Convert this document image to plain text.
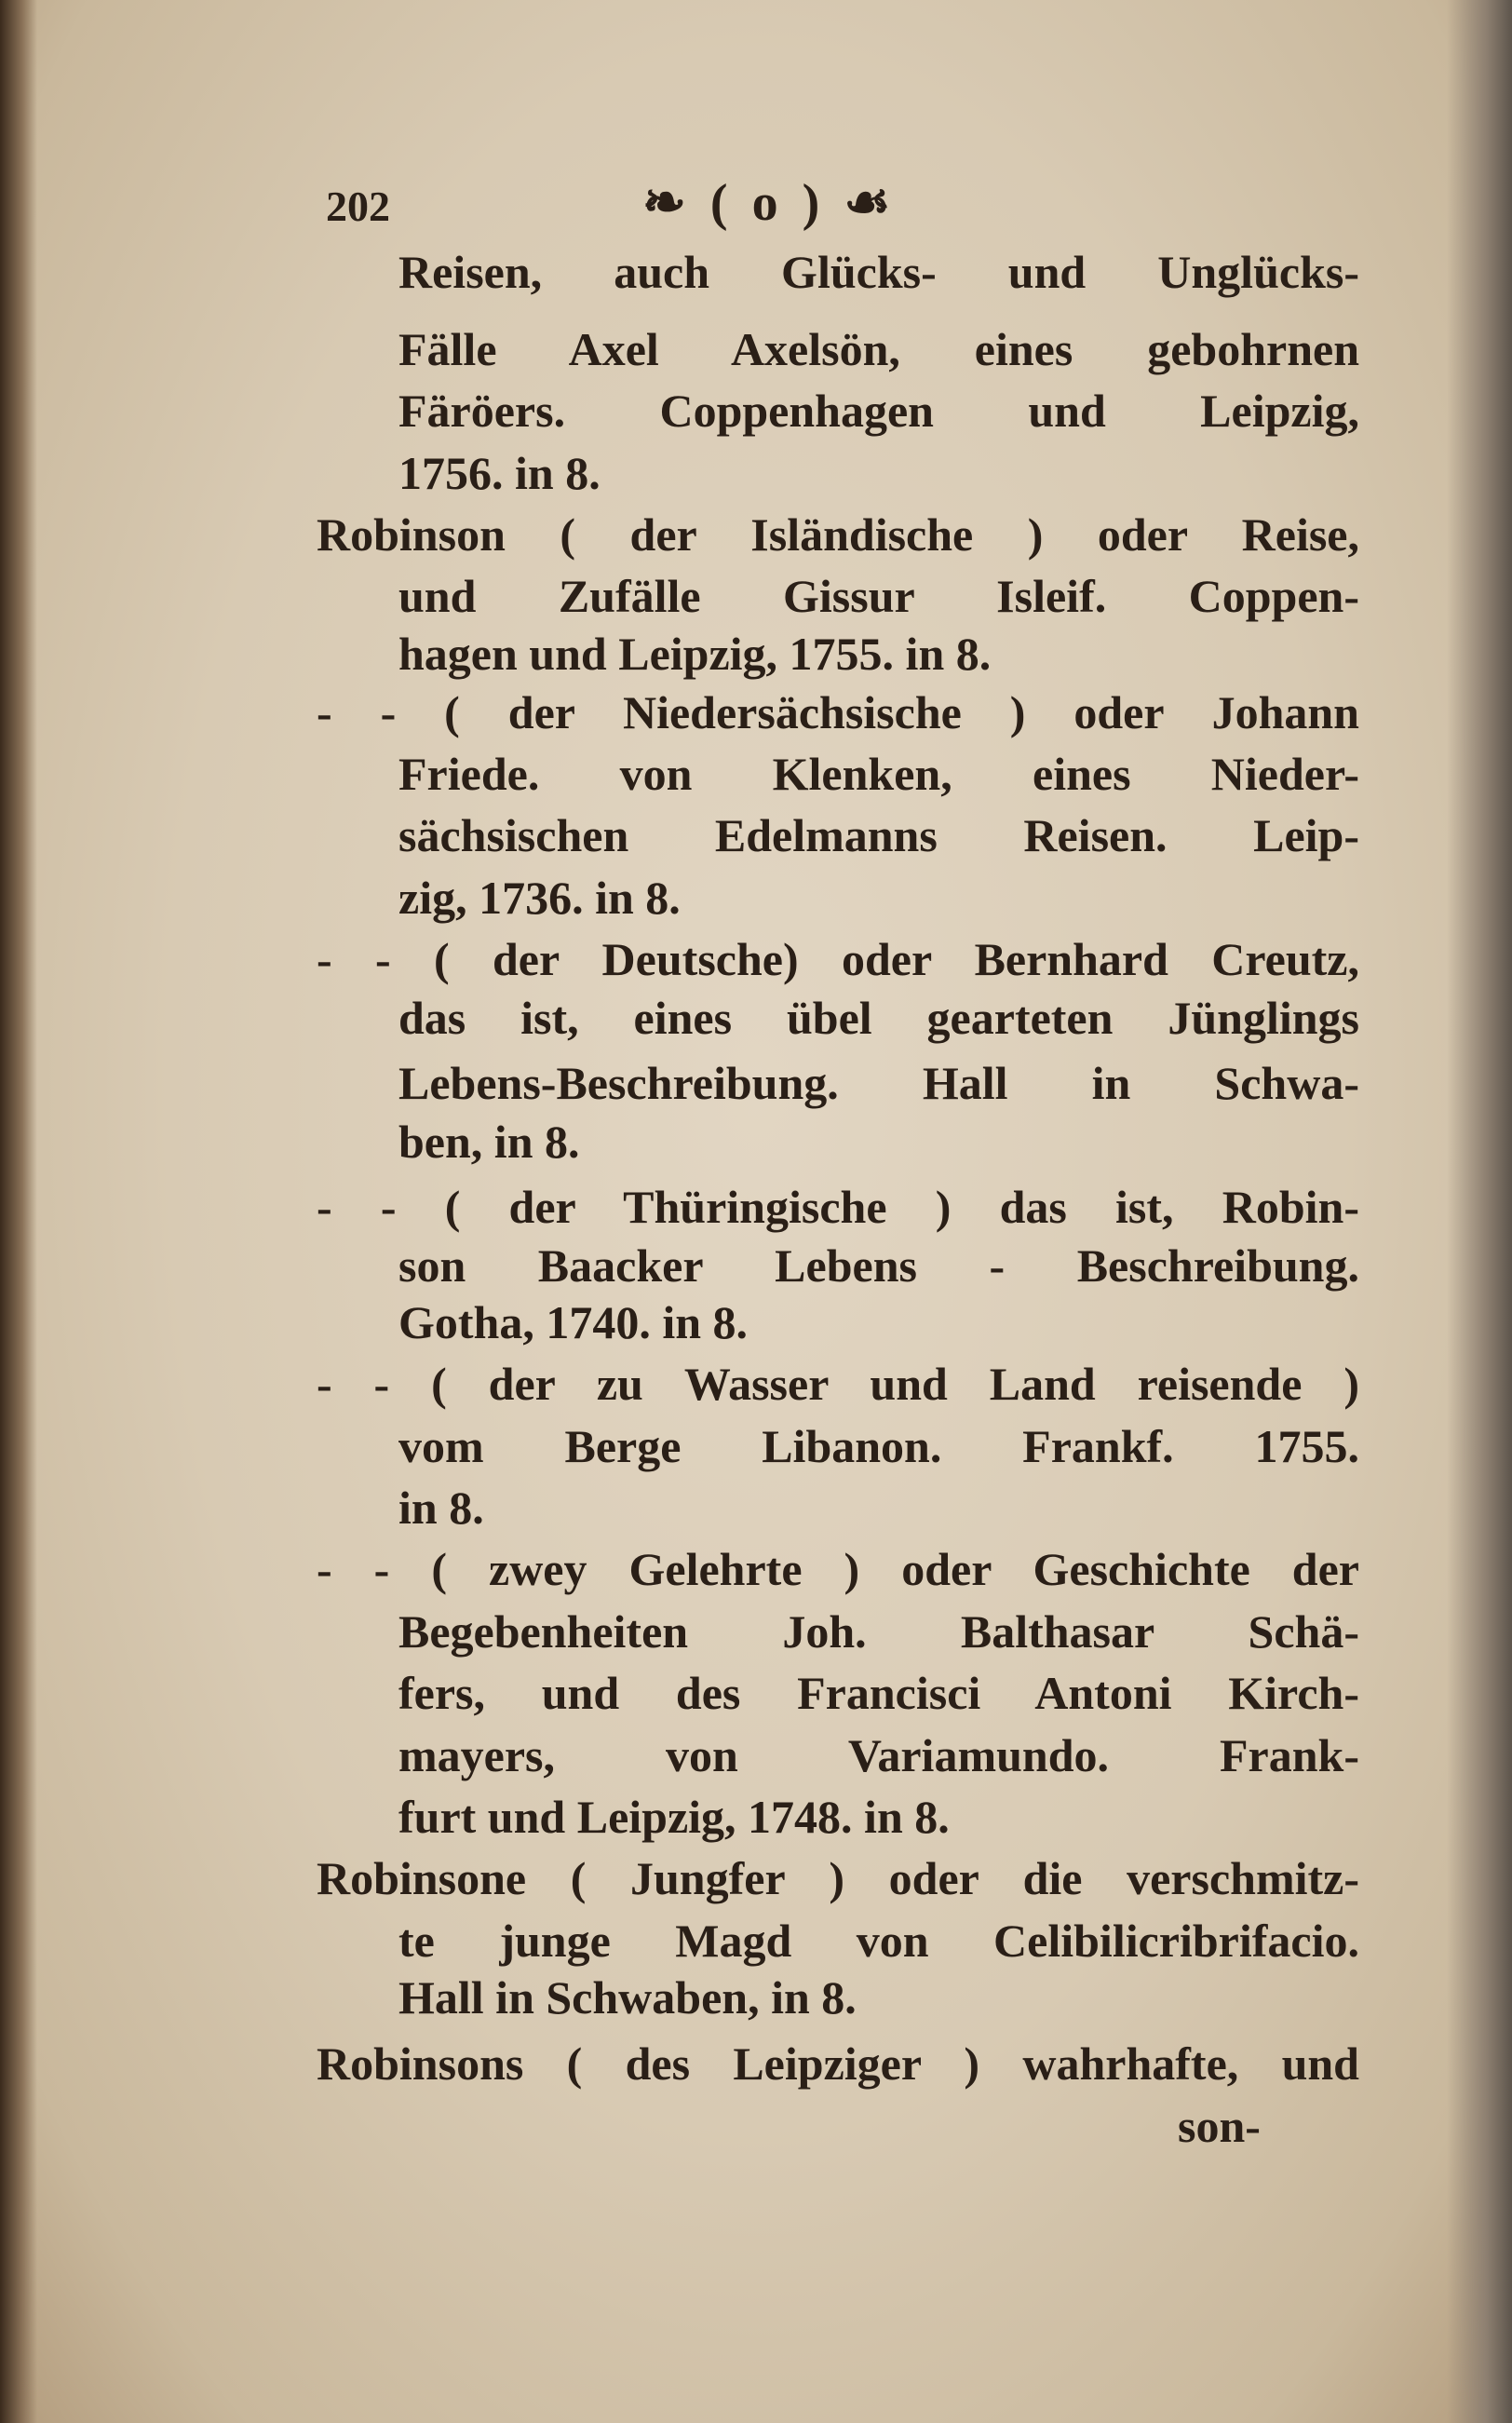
202	❧ ( o ) ☙
Reisen, auch Glücks- und Unglücks-
Fälle Axel Axelsön, eines gebohrnen
Färöers. Coppenhagen und Leipzig,
1756. in 8.
Robinson ( der Isländische ) oder Reise,
und Zufälle Gissur Isleif. Coppen-
hagen und Leipzig, 1755. in 8.
- - ( der Niedersächsische ) oder Johann
Friede. von Klenken, eines Nieder-
sächsischen Edelmanns Reisen. Leip-
zig, 1736. in 8.
- - ( der Deutsche) oder Bernhard Creutz,
das ist, eines übel gearteten Jünglings
Lebens-Beschreibung. Hall in Schwa-
ben, in 8.
- - ( der Thüringische ) das ist, Robin-
son Baacker Lebens - Beschreibung.
Gotha, 1740. in 8.
- - ( der zu Wasser und Land reisende )
vom Berge Libanon. Frankf. 1755.
in 8.
- - ( zwey Gelehrte ) oder Geschichte der
Begebenheiten Joh. Balthasar Schä-
fers, und des Francisci Antoni Kirch-
mayers, von Variamundo. Frank-
furt und Leipzig, 1748. in 8.
Robinsone ( Jungfer ) oder die verschmitz-
te junge Magd von Celibilicribrifacio.
Hall in Schwaben, in 8.
Robinsons ( des Leipziger ) wahrhafte, und
son-
